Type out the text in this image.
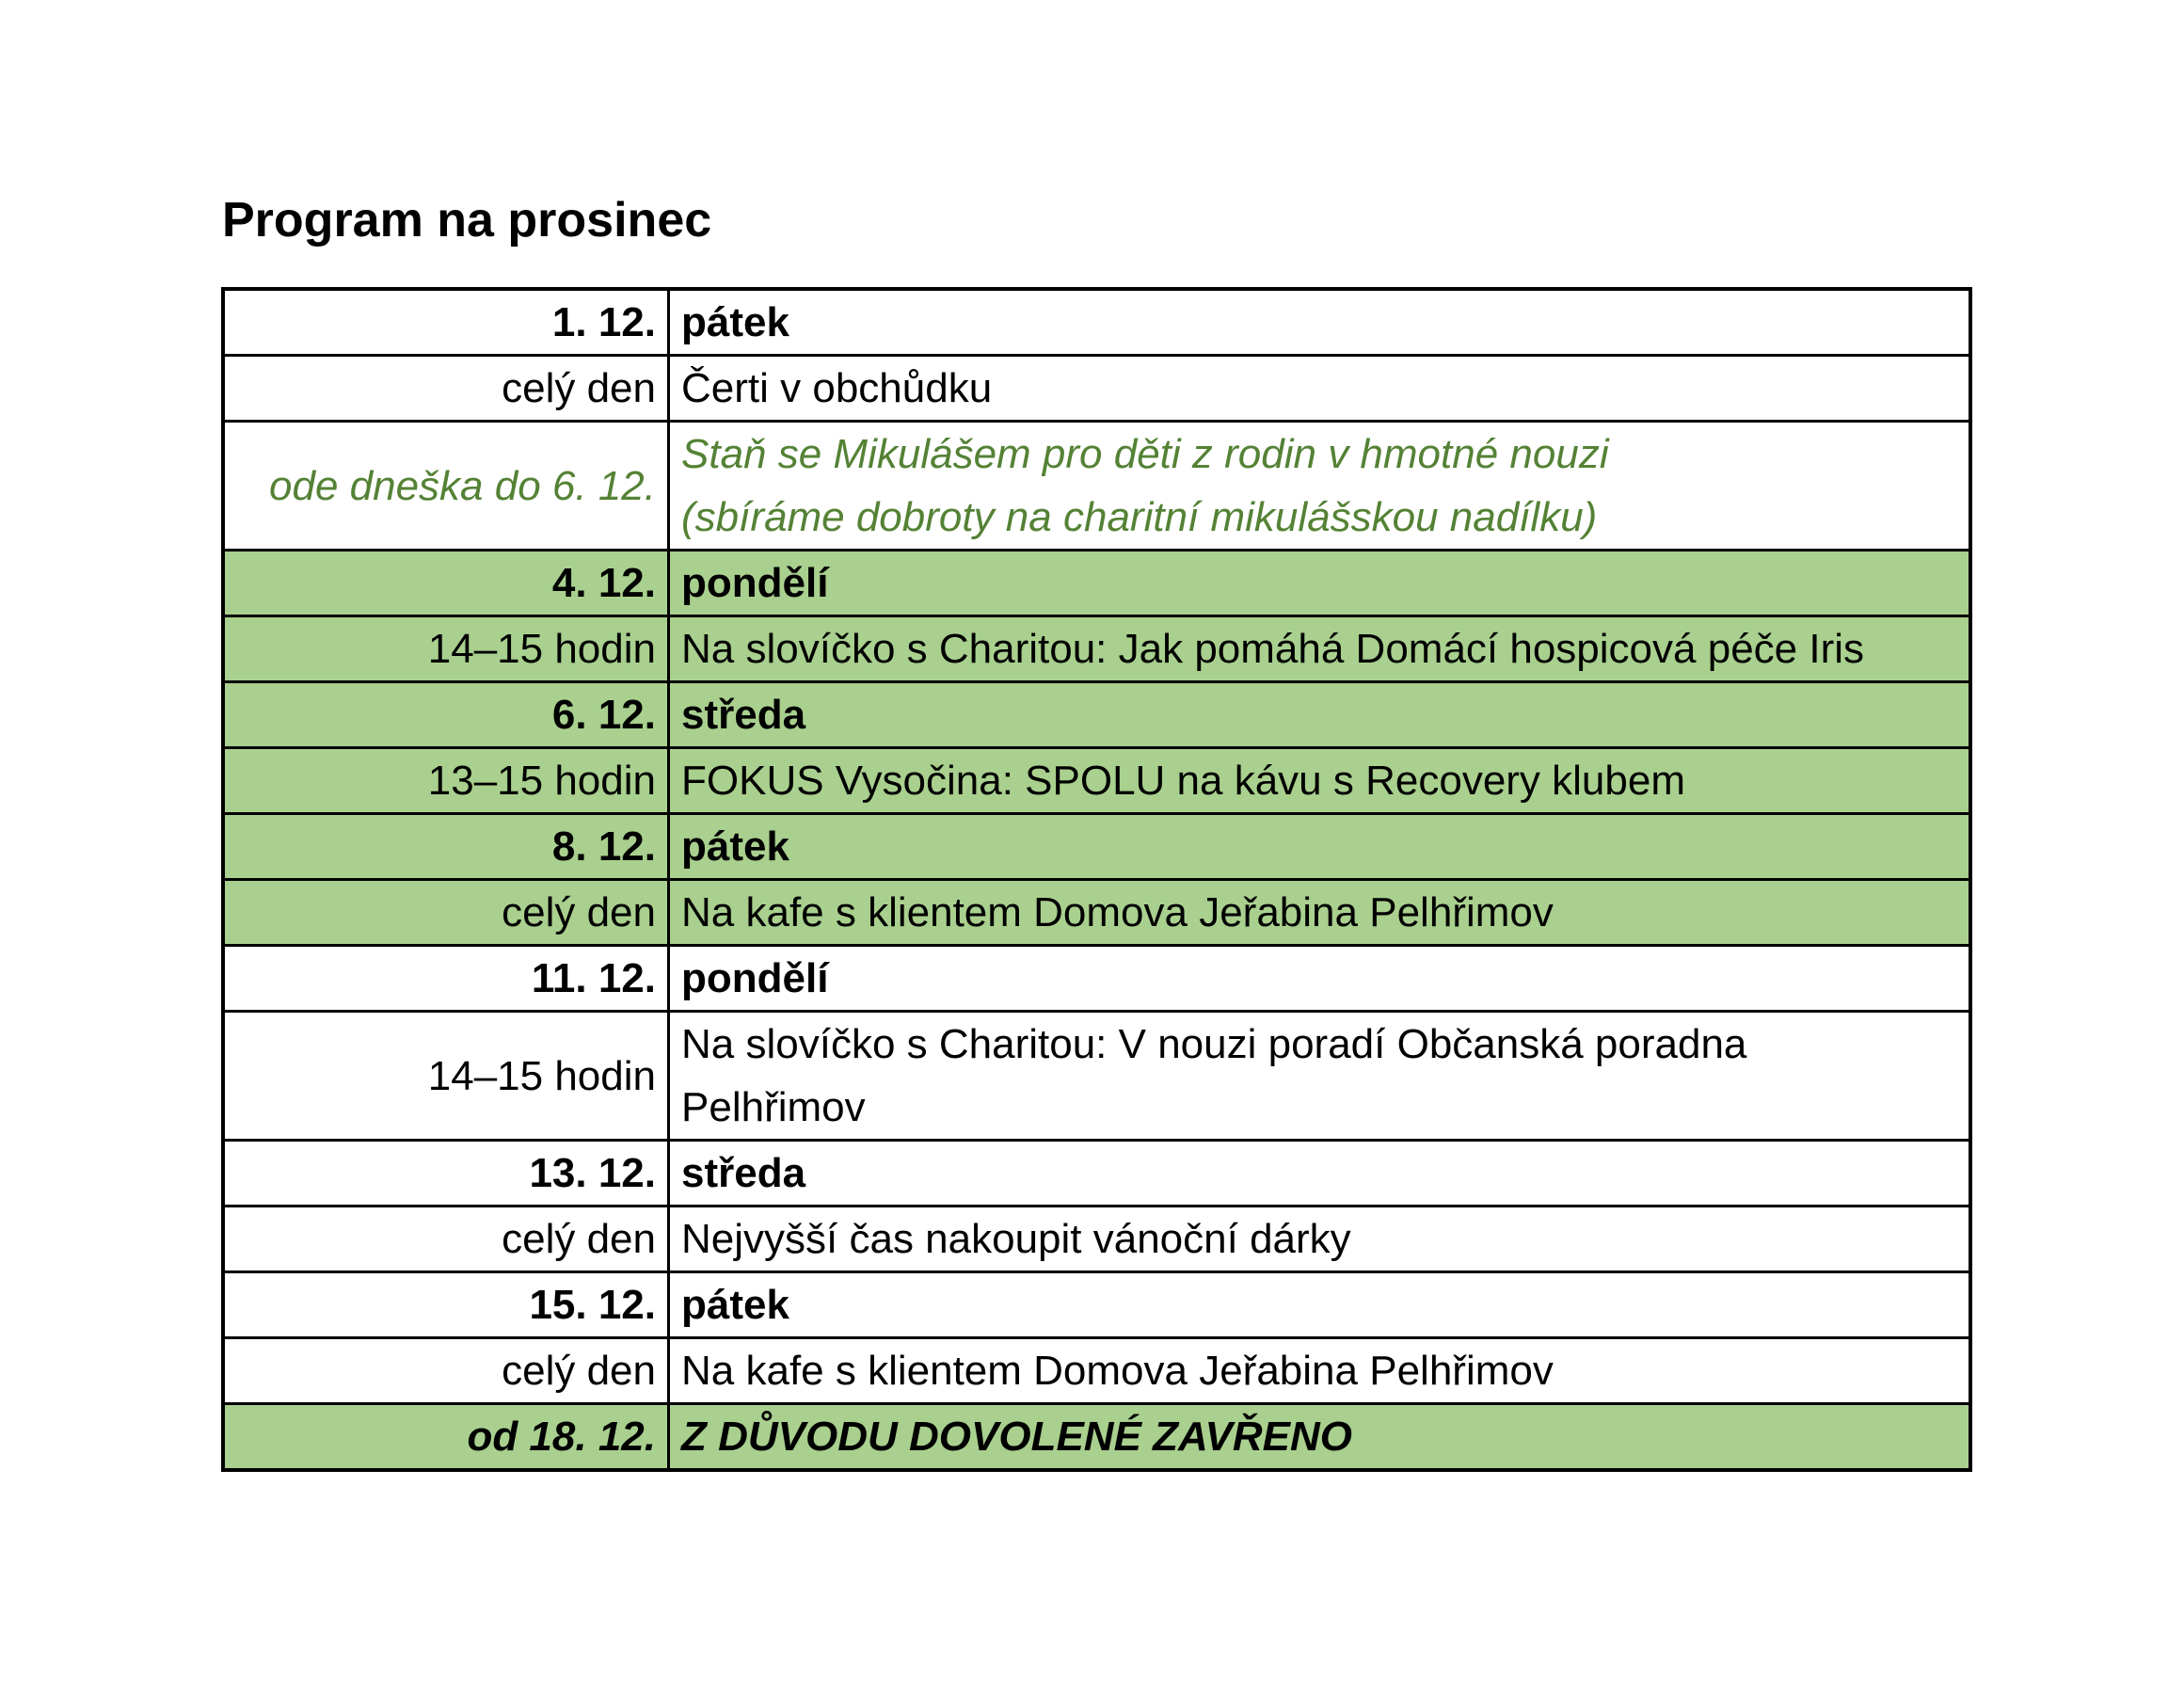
Program na prosinec
1. 12.	pátek
celý den	Čerti v obchůdku
ode dneška do 6. 12.	Staň se Mikulášem pro děti z rodin v hmotné nouzi
(sbíráme dobroty na charitní mikulášskou nadílku)

4. 12.	pondělí
14–15 hodin	Na slovíčko s Charitou: Jak pomáhá Domácí hospicová péče Iris
6. 12.	středa
13–15 hodin	FOKUS Vysočina: SPOLU na kávu s Recovery klubem
8. 12.	pátek
celý den	Na kafe s klientem Domova Jeřabina Pelhřimov
11. 12.	pondělí
14–15 hodin	Na slovíčko s Charitou: V nouzi poradí Občanská poradna
Pelhřimov

13. 12.	středa
celý den	Nejvyšší čas nakoupit vánoční dárky
15. 12.	pátek
celý den	Na kafe s klientem Domova Jeřabina Pelhřimov
od 18. 12.	Z DŮVODU DOVOLENÉ ZAVŘENO
